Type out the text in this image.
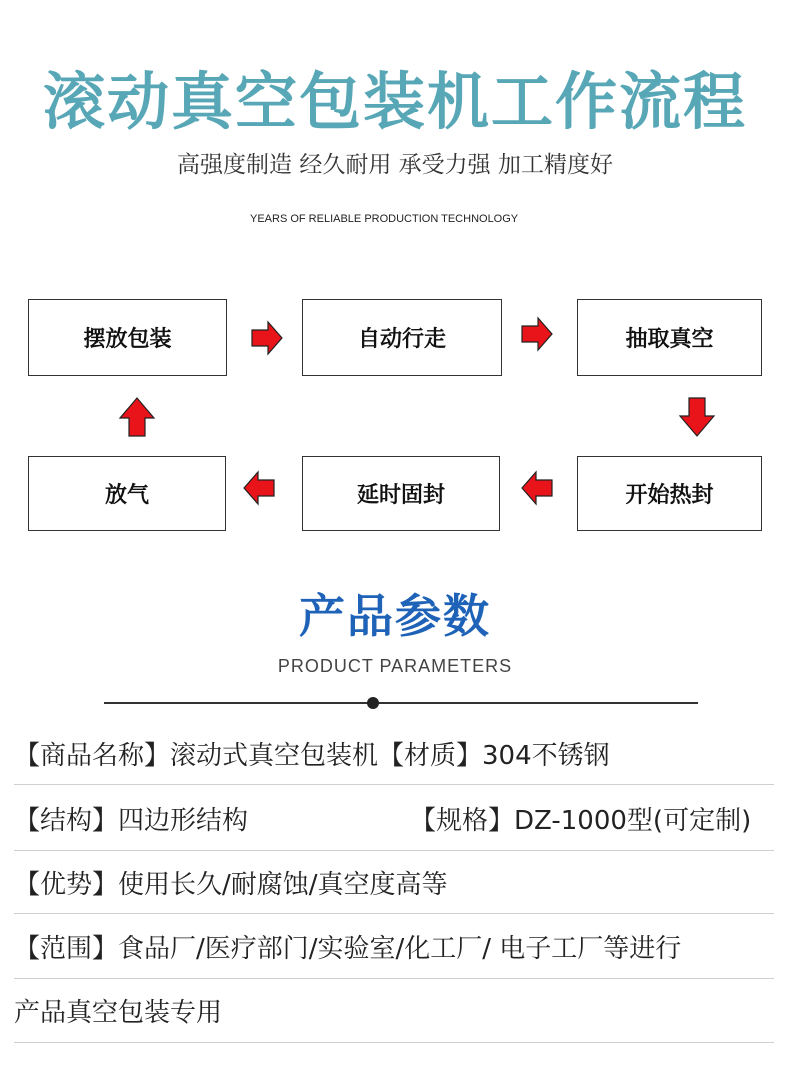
滚动真空包装机工作流程
高强度制造 经久耐用 承受力强 加工精度好
YEARS OF RELIABLE PRODUCTION TECHNOLOGY
摆放包装	自动行走	抽取真空
开始热封
延时固封
放气
产品参数
PRODUCT PARAMETERS
【商品名称】滚动式真空包装机【材质】304不锈钢
【结构】四边形结构	【规格】DZ-1000型(可定制)
【优势】使用长久/耐腐蚀/真空度高等
【范围】食品厂/医疗部门/实验室/化工厂/ 电子工厂等进行
产品真空包装专用
